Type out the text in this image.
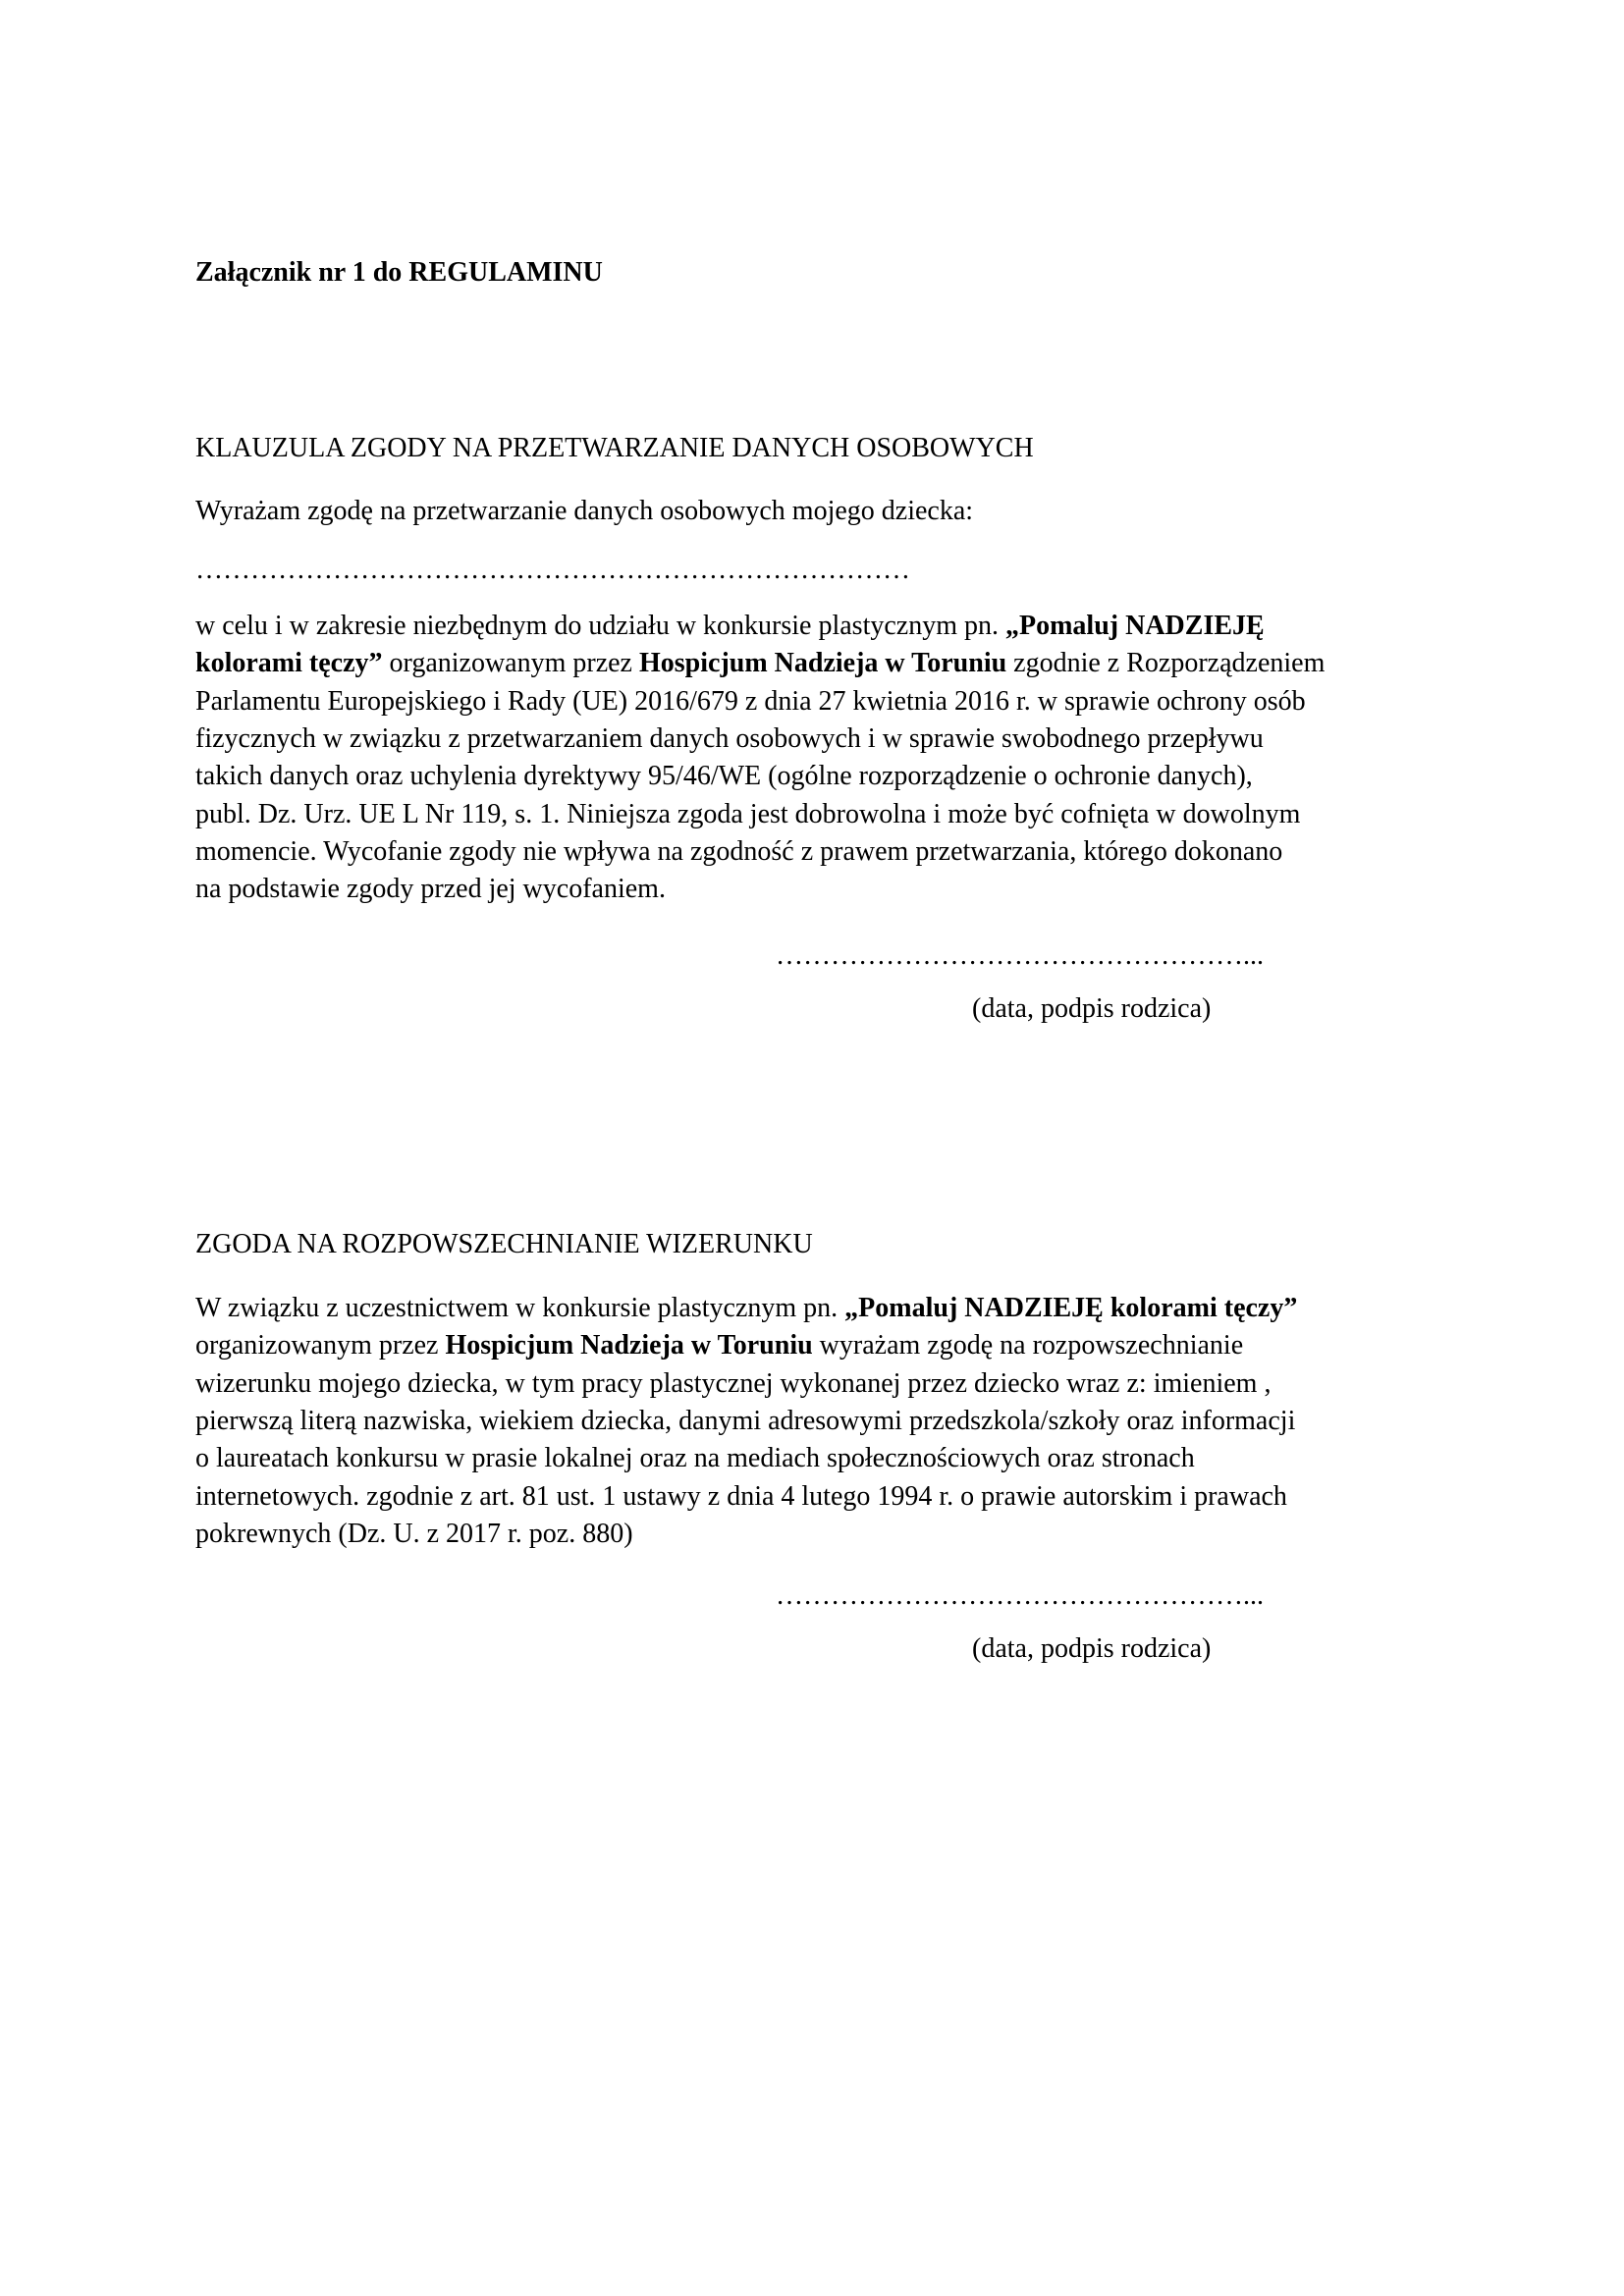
Załącznik nr 1 do REGULAMINU
KLAUZULA ZGODY NA PRZETWARZANIE DANYCH OSOBOWYCH
Wyrażam zgodę na przetwarzanie danych osobowych mojego dziecka:
……………………………………………………………………
w celu i w zakresie niezbędnym do udziału w konkursie plastycznym pn. „Pomaluj NADZIEJĘ
kolorami tęczy” organizowanym przez Hospicjum Nadzieja w Toruniu zgodnie z Rozporządzeniem
Parlamentu Europejskiego i Rady (UE) 2016/679 z dnia 27 kwietnia 2016 r. w sprawie ochrony osób
fizycznych w związku z przetwarzaniem danych osobowych i w sprawie swobodnego przepływu
takich danych oraz uchylenia dyrektywy 95/46/WE (ogólne rozporządzenie o ochronie danych),
publ. Dz. Urz. UE L Nr 119, s. 1. Niniejsza zgoda jest dobrowolna i może być cofnięta w dowolnym
momencie. Wycofanie zgody nie wpływa na zgodność z prawem przetwarzania, którego dokonano
na podstawie zgody przed jej wycofaniem.
……………………………………………...
(data, podpis rodzica)
ZGODA NA ROZPOWSZECHNIANIE WIZERUNKU
W związku z uczestnictwem w konkursie plastycznym pn. „Pomaluj NADZIEJĘ kolorami tęczy”
organizowanym przez Hospicjum Nadzieja w Toruniu wyrażam zgodę na rozpowszechnianie
wizerunku mojego dziecka, w tym pracy plastycznej wykonanej przez dziecko wraz z: imieniem ,
pierwszą literą nazwiska, wiekiem dziecka, danymi adresowymi przedszkola/szkoły oraz informacji
o laureatach konkursu w prasie lokalnej oraz na mediach społecznościowych oraz stronach
internetowych. zgodnie z art. 81 ust. 1 ustawy z dnia 4 lutego 1994 r. o prawie autorskim i prawach
pokrewnych (Dz. U. z 2017 r. poz. 880)
……………………………………………...
(data, podpis rodzica)
